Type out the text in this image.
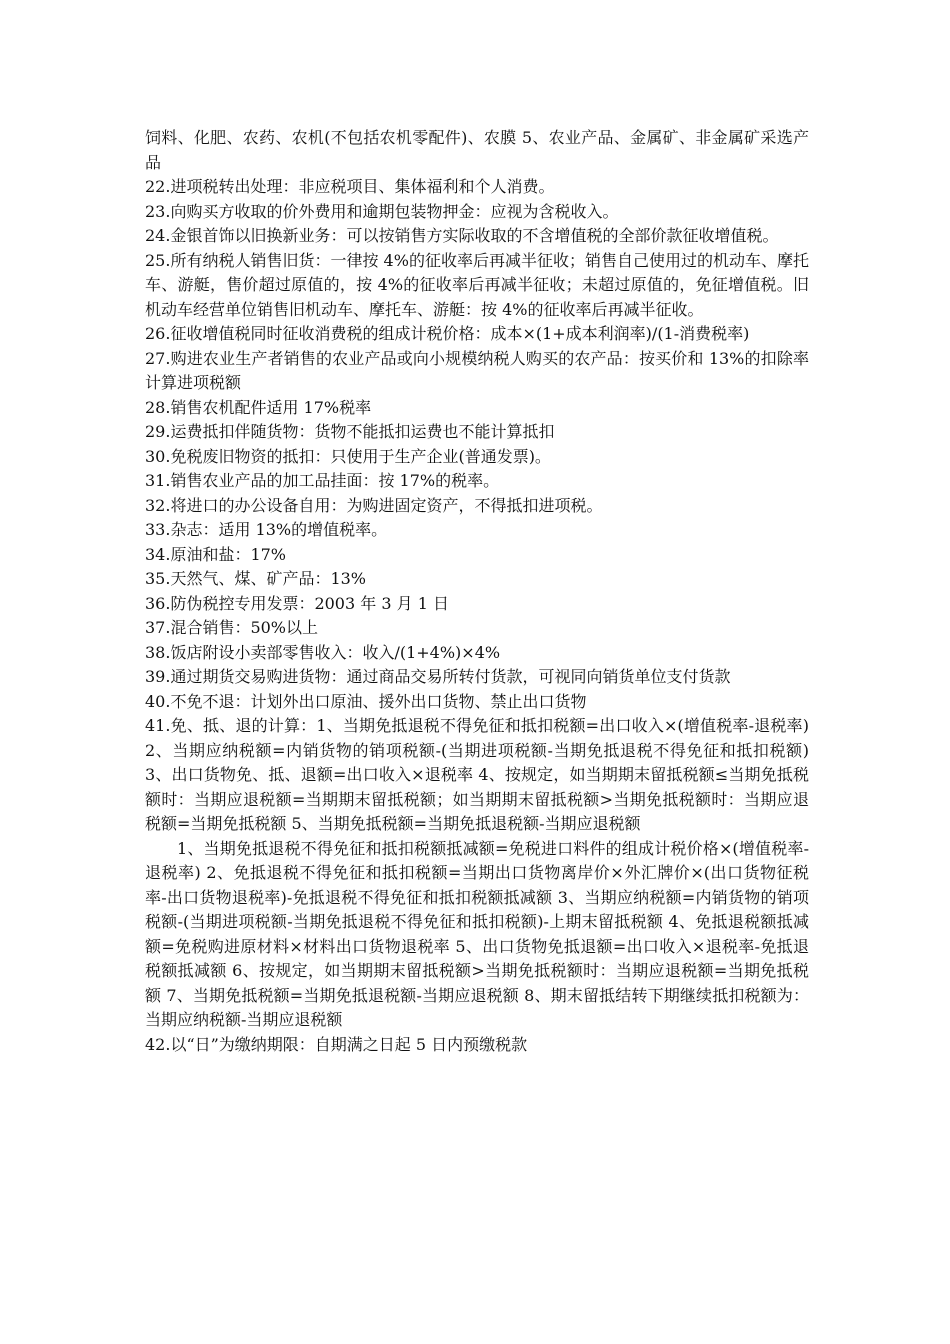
饲料、化肥、农药、农机(不包括农机零配件)、农膜 5、农业产品、金属矿、非金属矿采选产品

22.进项税转出处理：非应税项目、集体福利和个人消费。

23.向购买方收取的价外费用和逾期包装物押金：应视为含税收入。

24.金银首饰以旧换新业务：可以按销售方实际收取的不含增值税的全部价款征收增值税。

25.所有纳税人销售旧货：一律按 4%的征收率后再减半征收；销售自己使用过的机动车、摩托车、游艇，售价超过原值的，按 4%的征收率后再减半征收；未超过原值的，免征增值税。旧机动车经营单位销售旧机动车、摩托车、游艇：按 4%的征收率后再减半征收。

26.征收增值税同时征收消费税的组成计税价格：成本×(1+成本利润率)/(1-消费税率)

27.购进农业生产者销售的农业产品或向小规模纳税人购买的农产品：按买价和 13%的扣除率计算进项税额

28.销售农机配件适用 17%税率

29.运费抵扣伴随货物：货物不能抵扣运费也不能计算抵扣

30.免税废旧物资的抵扣：只使用于生产企业(普通发票)。

31.销售农业产品的加工品挂面：按 17%的税率。

32.将进口的办公设备自用：为购进固定资产，不得抵扣进项税。

33.杂志：适用 13%的增值税率。

34.原油和盐：17%

35.天然气、煤、矿产品：13%

36.防伪税控专用发票：2003 年 3 月 1 日

37.混合销售：50%以上

38.饭店附设小卖部零售收入：收入/(1+4%)×4%

39.通过期货交易购进货物：通过商品交易所转付货款，可视同向销货单位支付货款

40.不免不退：计划外出口原油、援外出口货物、禁止出口货物

41.免、抵、退的计算：1、当期免抵退税不得免征和抵扣税额=出口收入×(增值税率-退税率) 2、当期应纳税额=内销货物的销项税额-(当期进项税额-当期免抵退税不得免征和抵扣税额) 3、出口货物免、抵、退额=出口收入×退税率 4、按规定，如当期期末留抵税额≤当期免抵税额时：当期应退税额=当期期末留抵税额；如当期期末留抵税额>当期免抵税额时：当期应退税额=当期免抵税额 5、当期免抵税额=当期免抵退税额-当期应退税额

1、当期免抵退税不得免征和抵扣税额抵减额=免税进口料件的组成计税价格×(增值税率-退税率) 2、免抵退税不得免征和抵扣税额=当期出口货物离岸价×外汇牌价×(出口货物征税率-出口货物退税率)-免抵退税不得免征和抵扣税额抵减额 3、当期应纳税额=内销货物的销项税额-(当期进项税额-当期免抵退税不得免征和抵扣税额)-上期末留抵税额 4、免抵退税额抵减额=免税购进原材料×材料出口货物退税率 5、出口货物免抵退额=出口收入×退税率-免抵退税额抵减额 6、按规定，如当期期末留抵税额>当期免抵税额时：当期应退税额=当期免抵税额 7、当期免抵税额=当期免抵退税额-当期应退税额 8、期末留抵结转下期继续抵扣税额为：当期应纳税额-当期应退税额

42.以“日”为缴纳期限：自期满之日起 5 日内预缴税款
